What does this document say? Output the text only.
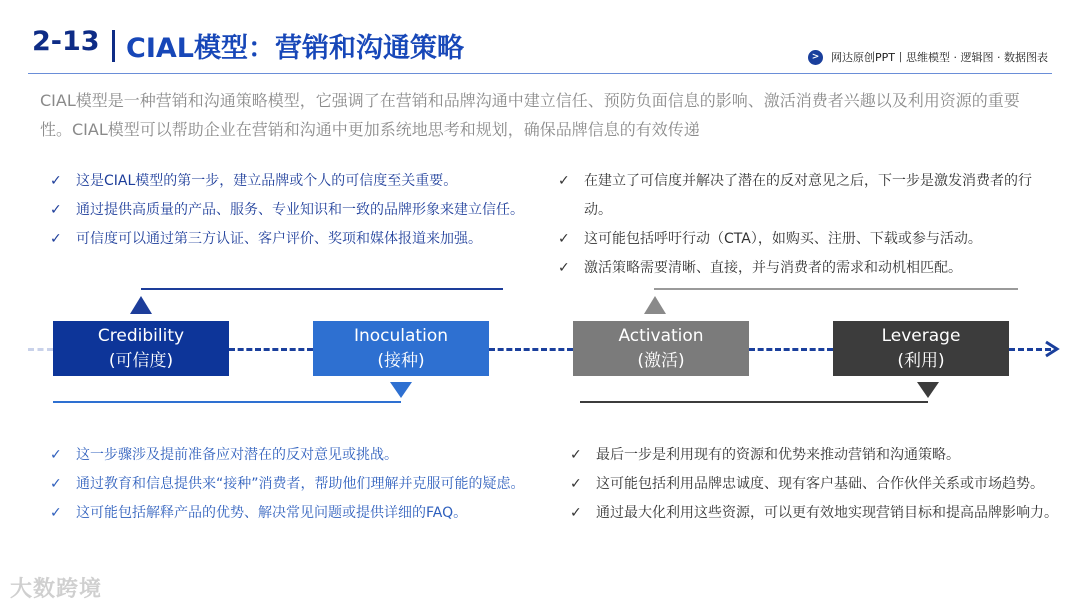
2-13 CIAL模型：营销和沟通策略	>	网达原创PPT丨思维模型 · 逻辑图 · 数据图表
CIAL模型是一种营销和沟通策略模型，它强调了在营销和品牌沟通中建立信任、预防负面信息的影响、激活消费者兴趣以及利用资源的重要性。CIAL模型可以帮助企业在营销和沟通中更加系统地思考和规划，确保品牌信息的有效传递
✓	这是CIAL模型的第一步，建立品牌或个人的可信度至关重要。
✓	通过提供高质量的产品、服务、专业知识和一致的品牌形象来建立信任。
✓	可信度可以通过第三方认证、客户评价、奖项和媒体报道来加强。
✓	在建立了可信度并解决了潜在的反对意见之后，下一步是激发消费者的行动。
✓	这可能包括呼吁行动（CTA），如购买、注册、下载或参与活动。
✓	激活策略需要清晰、直接，并与消费者的需求和动机相匹配。
Credibility
(可信度)
Inoculation
(接种)
Activation
(激活)
Leverage
(利用)
✓	这一步骤涉及提前准备应对潜在的反对意见或挑战。
✓	通过教育和信息提供来“接种”消费者，帮助他们理解并克服可能的疑虑。
✓	这可能包括解释产品的优势、解决常见问题或提供详细的FAQ。
✓	最后一步是利用现有的资源和优势来推动营销和沟通策略。
✓	这可能包括利用品牌忠诚度、现有客户基础、合作伙伴关系或市场趋势。
✓	通过最大化利用这些资源，可以更有效地实现营销目标和提高品牌影响力。
大数跨境
